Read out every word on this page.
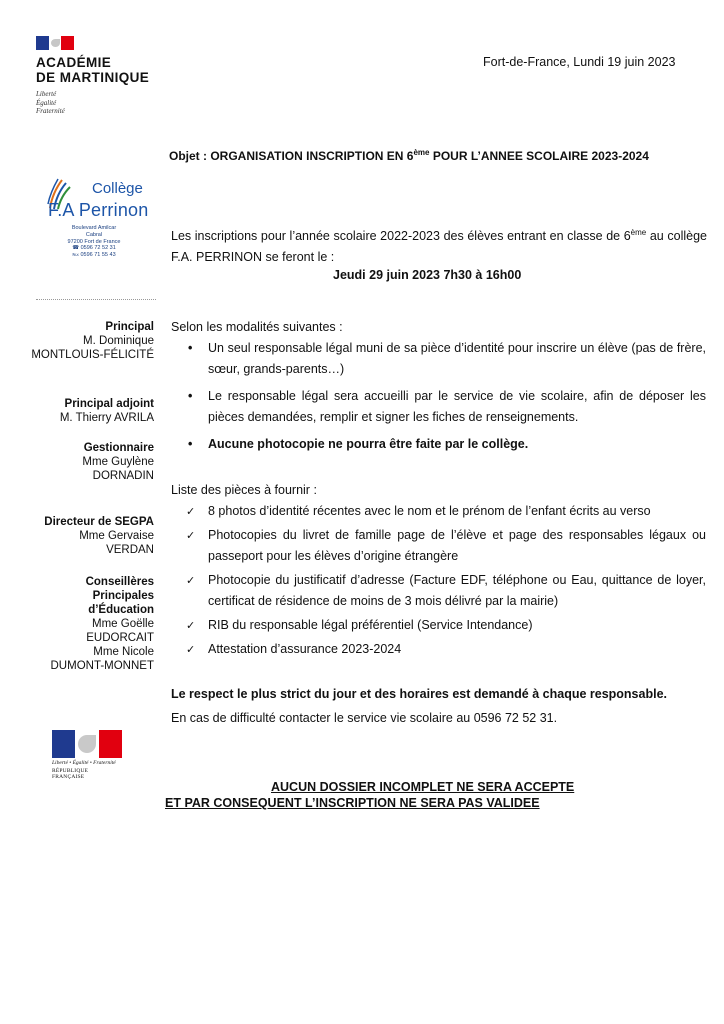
ACADÉMIE
DE MARTINIQUE
Liberté
Égalité
Fraternité
Fort-de-France, Lundi 19 juin 2023
Objet : ORGANISATION INSCRIPTION EN 6ème POUR L’ANNEE SCOLAIRE 2023-2024
Collège
F.A Perrinon
Boulevard Amilcar Cabral
97200 Fort de France
☎ 0596 72 52 31
℻ 0596 71 55 43
Les inscriptions pour l’année scolaire 2022-2023 des élèves entrant en classe de 6ème au collège F.A. PERRINON se feront le :
Jeudi 29 juin 2023 7h30 à 16h00
Principal
M. Dominique
MONTLOUIS-FÉLICITÉ
Principal adjoint
M. Thierry AVRILA
Gestionnaire
Mme Guylène
DORNADIN
Directeur de SEGPA
Mme Gervaise
VERDAN
Conseillères
Principales
d’Éducation
Mme Goëlle
EUDORCAIT
Mme Nicole
DUMONT-MONNET
Selon les modalités suivantes :
• Un seul responsable légal muni de sa pièce d’identité pour inscrire un élève (pas de frère, sœur, grands-parents…)
• Le responsable légal sera accueilli par le service de vie scolaire, afin de déposer les pièces demandées, remplir et signer les fiches de renseignements.
• Aucune photocopie ne pourra être faite par le collège.
Liste des pièces à fournir :
✓ 8 photos d’identité récentes avec le nom et le prénom de l’enfant écrits au verso
✓ Photocopies du livret de famille page de l’élève et page des responsables légaux ou passeport pour les élèves d’origine étrangère
✓ Photocopie du justificatif d’adresse (Facture EDF, téléphone ou Eau, quittance de loyer, certificat de résidence de moins de 3 mois délivré par la mairie)
✓ RIB du responsable légal préférentiel (Service Intendance)
✓ Attestation d’assurance 2023-2024
Le respect le plus strict du jour et des horaires est demandé à chaque responsable.
En cas de difficulté contacter le service vie scolaire au 0596 72 52 31.
Liberté • Égalité • Fraternité
RÉPUBLIQUE FRANÇAISE
AUCUN DOSSIER INCOMPLET NE SERA ACCEPTE
ET PAR CONSEQUENT L’INSCRIPTION NE SERA PAS VALIDEE
